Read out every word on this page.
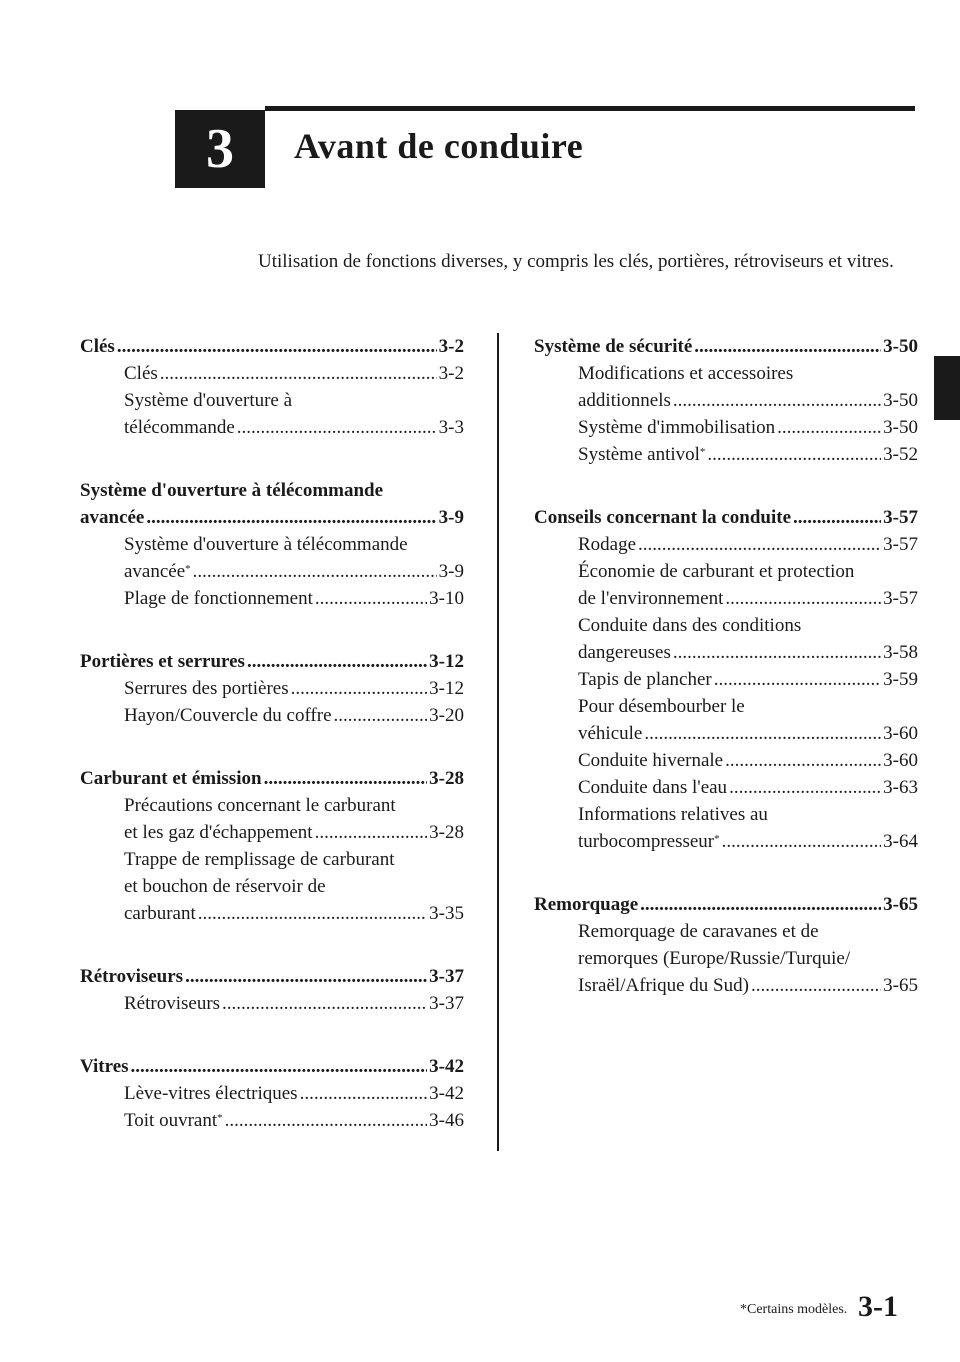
3 Avant de conduire
Utilisation de fonctions diverses, y compris les clés, portières, rétroviseurs et vitres.
Clés .....	3-2
Clés .....	3-2
Système d'ouverture à
télécommande .....	3-3
Système d'ouverture à télécommande
avancée .....	3-9
Système d'ouverture à télécommande
avancée* .....	3-9
Plage de fonctionnement .....	3-10
Portières et serrures .....	3-12
Serrures des portières .....	3-12
Hayon/Couvercle du coffre .....	3-20
Carburant et émission .....	3-28
Précautions concernant le carburant
et les gaz d'échappement .....	3-28
Trappe de remplissage de carburant
et bouchon de réservoir de
carburant .....	3-35
Rétroviseurs .....	3-37
Rétroviseurs .....	3-37
Vitres .....	3-42
Lève-vitres électriques .....	3-42
Toit ouvrant* .....	3-46
Système de sécurité .....	3-50
Modifications et accessoires
additionnels .....	3-50
Système d'immobilisation .....	3-50
Système antivol* .....	3-52
Conseils concernant la conduite .....	3-57
Rodage .....	3-57
Économie de carburant et protection
de l'environnement .....	3-57
Conduite dans des conditions
dangereuses .....	3-58
Tapis de plancher .....	3-59
Pour désembourber le
véhicule .....	3-60
Conduite hivernale .....	3-60
Conduite dans l'eau .....	3-63
Informations relatives au
turbocompresseur* .....	3-64
Remorquage .....	3-65
Remorquage de caravanes et de
remorques (Europe/Russie/Turquie/
Israël/Afrique du Sud) .....	3-65
*Certains modèles. 3-1
